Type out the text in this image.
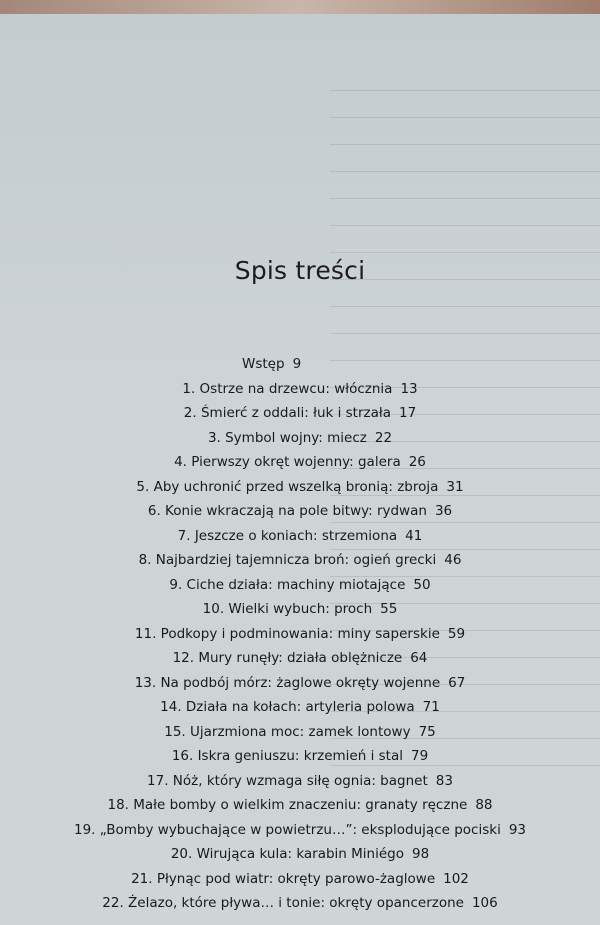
Spis treści
Wstęp 9
1. Ostrze na drzewcu: włócznia 13
2. Śmierć z oddali: łuk i strzała 17
3. Symbol wojny: miecz 22
4. Pierwszy okręt wojenny: galera 26
5. Aby uchronić przed wszelką bronią: zbroja 31
6. Konie wkraczają na pole bitwy: rydwan 36
7. Jeszcze o koniach: strzemiona 41
8. Najbardziej tajemnicza broń: ogień grecki 46
9. Ciche działa: machiny miotające 50
10. Wielki wybuch: proch 55
11. Podkopy i podminowania: miny saperskie 59
12. Mury runęły: działa oblężnicze 64
13. Na podbój mórz: żaglowe okręty wojenne 67
14. Działa na kołach: artyleria polowa 71
15. Ujarzmiona moc: zamek lontowy 75
16. Iskra geniuszu: krzemień i stal 79
17. Nóż, który wzmaga siłę ognia: bagnet 83
18. Małe bomby o wielkim znaczeniu: granaty ręczne 88
19. „Bomby wybuchające w powietrzu…”: eksplodujące pociski 93
20. Wirująca kula: karabin Miniégo 98
21. Płynąc pod wiatr: okręty parowo-żaglowe 102
22. Żelazo, które pływa… i tonie: okręty opancerzone 106
